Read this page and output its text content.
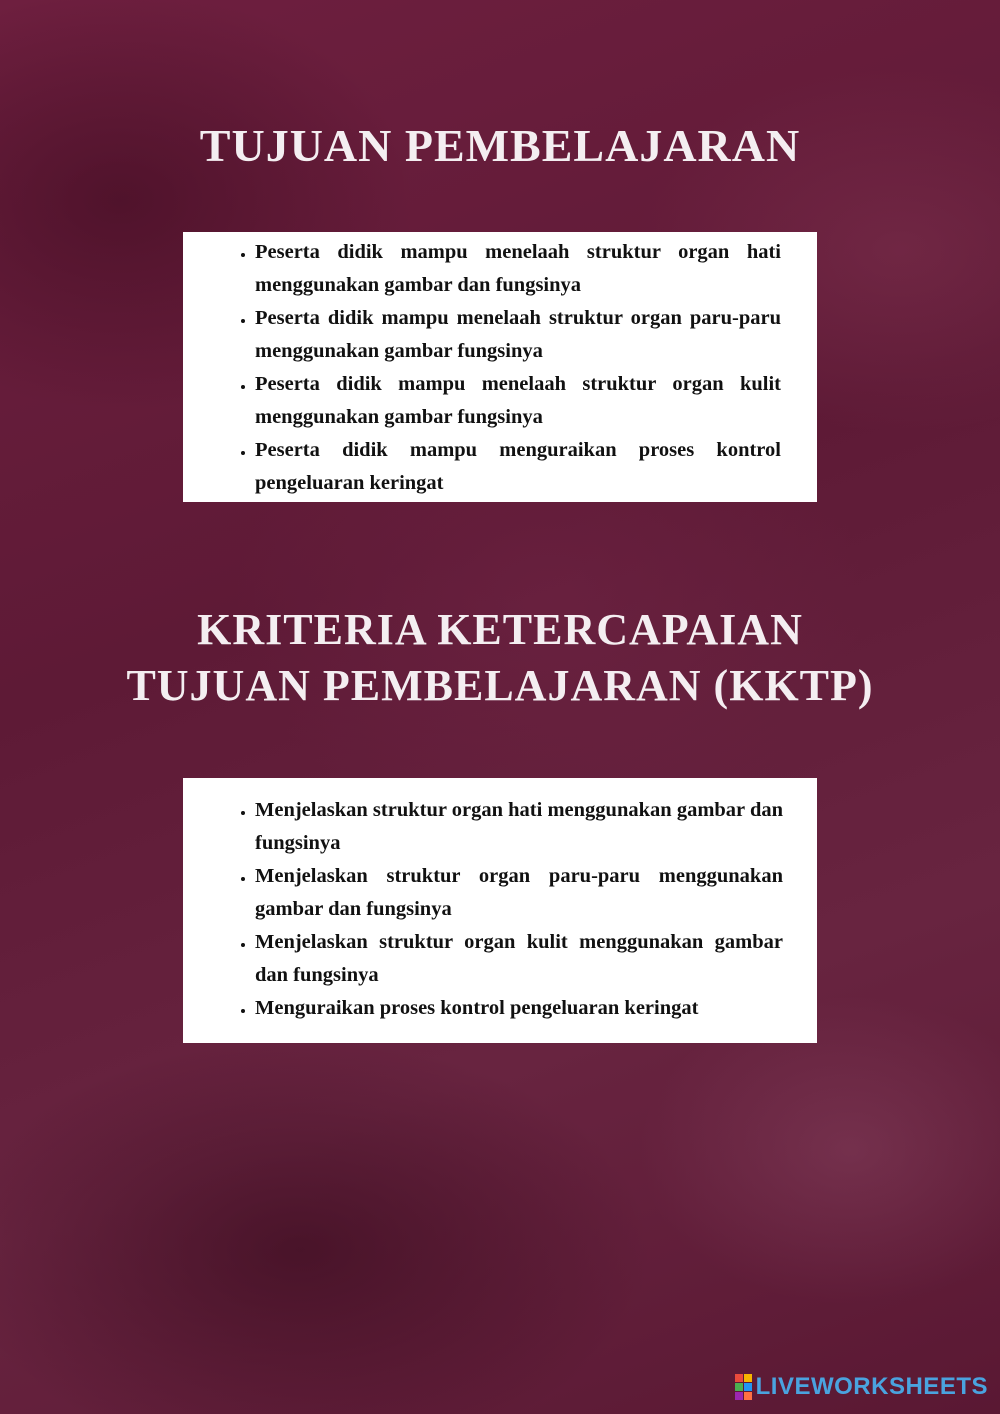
TUJUAN PEMBELAJARAN
• Peserta didik mampu menelaah struktur organ hati menggunakan gambar dan fungsinya
• Peserta didik mampu menelaah struktur organ paru-paru       menggunakan gambar fungsinya
• Peserta didik mampu menelaah struktur organ kulit menggunakan gambar fungsinya
• Peserta didik mampu menguraikan proses kontrol pengeluaran keringat
KRITERIA KETERCAPAIAN
TUJUAN PEMBELAJARAN (KKTP)
• Menjelaskan struktur organ hati menggunakan gambar dan fungsinya
• Menjelaskan struktur organ paru-paru menggunakan gambar dan fungsinya
• Menjelaskan struktur organ kulit menggunakan gambar dan fungsinya
• Menguraikan proses kontrol pengeluaran keringat
LIVEWORKSHEETS
